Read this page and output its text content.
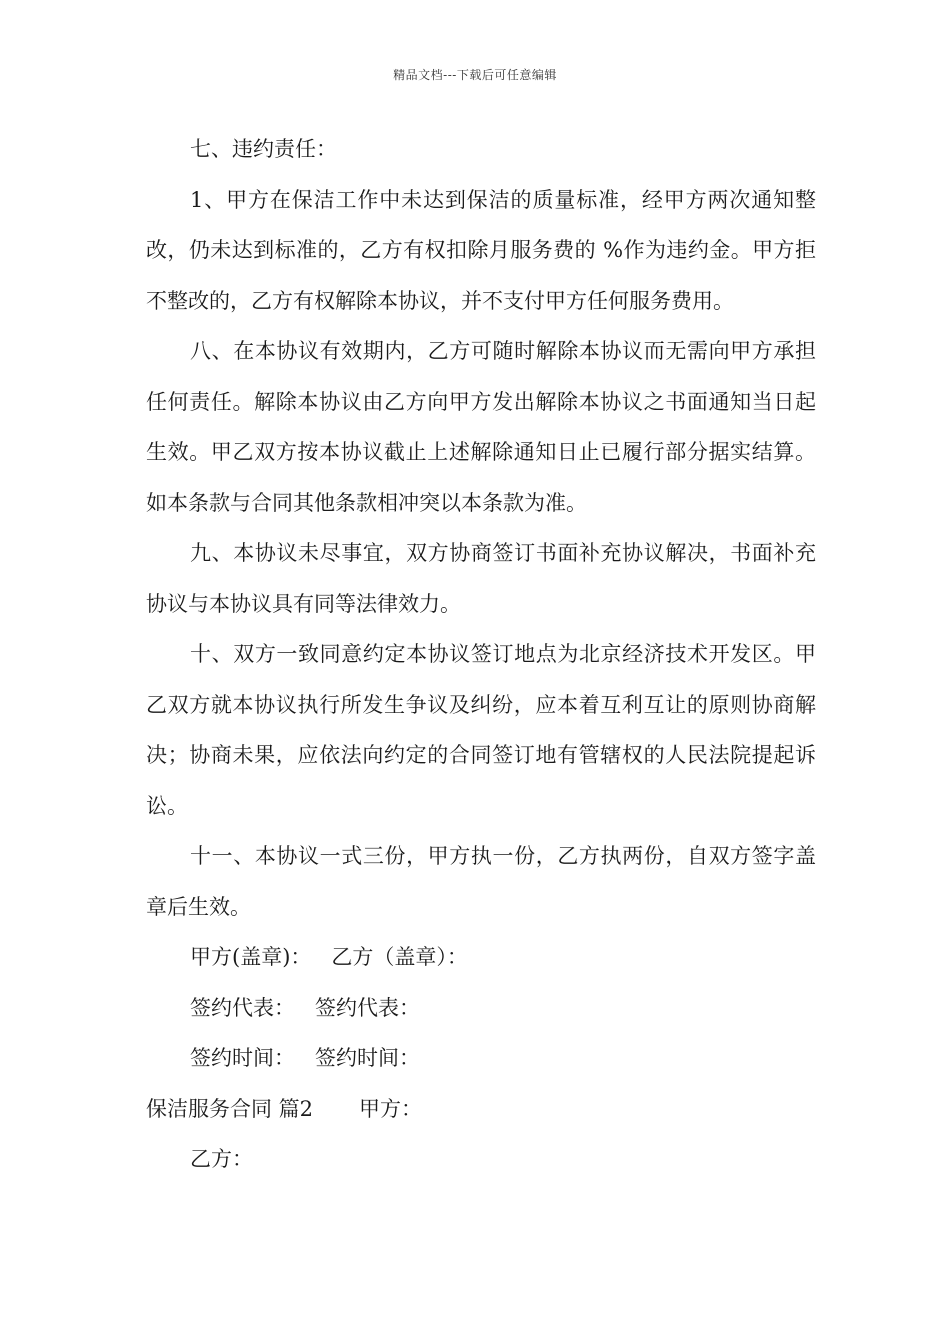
精品文档---下载后可任意编辑

七、违约责任：

1、甲方在保洁工作中未达到保洁的质量标准，经甲方两次通知整改，仍未达到标准的，乙方有权扣除月服务费的 %作为违约金。甲方拒不整改的，乙方有权解除本协议，并不支付甲方任何服务费用。

八、在本协议有效期内，乙方可随时解除本协议而无需向甲方承担任何责任。解除本协议由乙方向甲方发出解除本协议之书面通知当日起生效。甲乙双方按本协议截止上述解除通知日止已履行部分据实结算。如本条款与合同其他条款相冲突以本条款为准。

九、本协议未尽事宜，双方协商签订书面补充协议解决，书面补充协议与本协议具有同等法律效力。

十、双方一致同意约定本协议签订地点为北京经济技术开发区。甲乙双方就本协议执行所发生争议及纠纷，应本着互利互让的原则协商解决；协商未果，应依法向约定的合同签订地有管辖权的人民法院提起诉讼。

十一、本协议一式三份，甲方执一份，乙方执两份，自双方签字盖章后生效。

甲方(盖章)： 乙方（盖章）：

签约代表： 签约代表：

签约时间： 签约时间：

保洁服务合同 篇2 甲方：

乙方：
